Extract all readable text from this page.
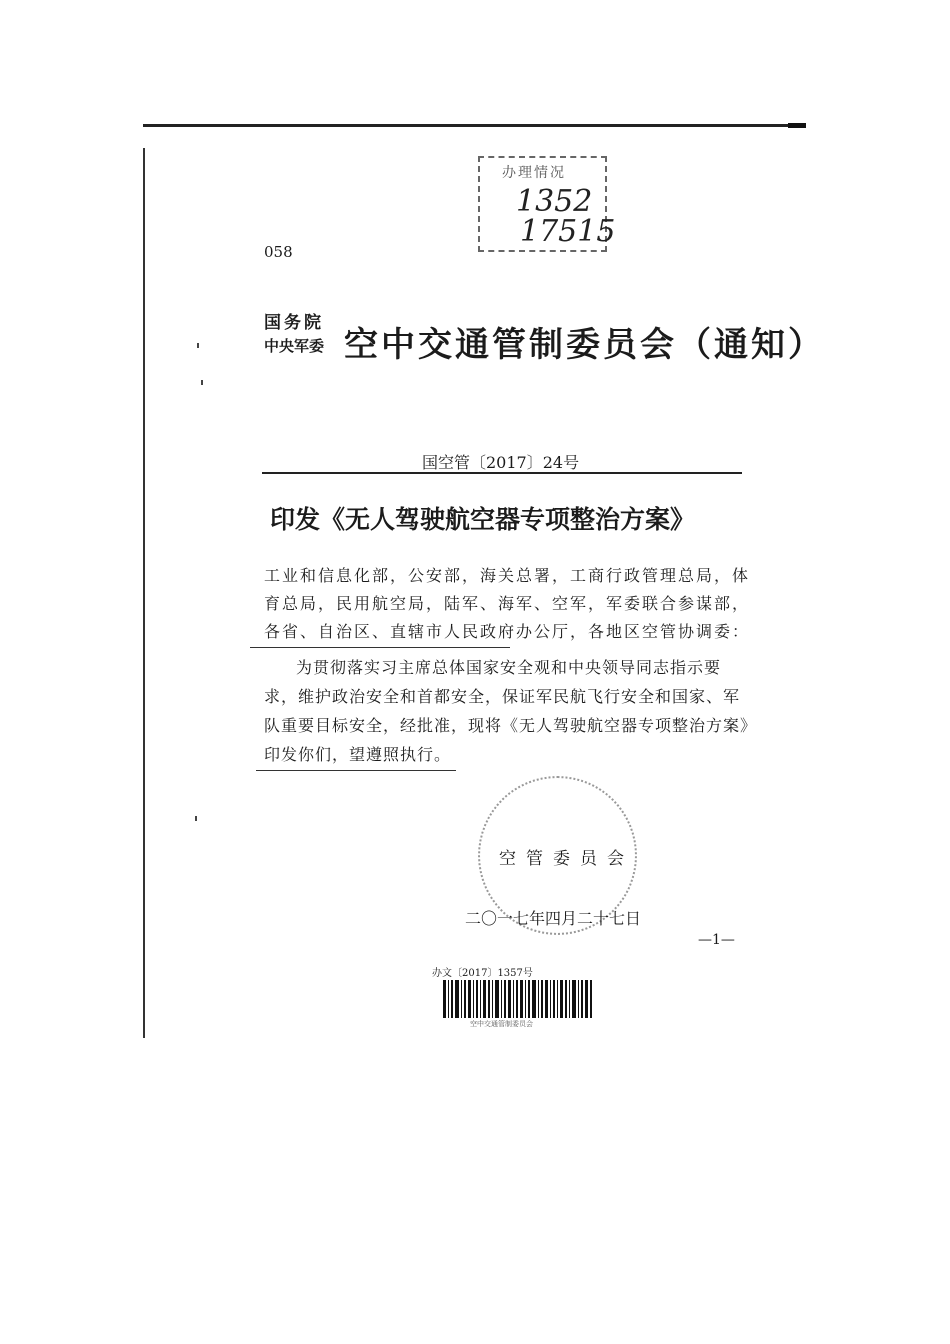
办理情况
1352
17515
058
国务院
中央军委 空中交通管制委员会（通知）
国空管〔2017〕24号
印发《无人驾驶航空器专项整治方案》
工业和信息化部，公安部，海关总署，工商行政管理总局，体育总局，民用航空局，陆军、海军、空军，军委联合参谋部，各省、自治区、直辖市人民政府办公厅，各地区空管协调委：
为贯彻落实习主席总体国家安全观和中央领导同志指示要求，维护政治安全和首都安全，保证军民航飞行安全和国家、军队重要目标安全，经批准，现将《无人驾驶航空器专项整治方案》印发你们，望遵照执行。
空管委员会
二〇一七年四月二十七日
—1—
办文〔2017〕1357号
空中交通管制委员会
